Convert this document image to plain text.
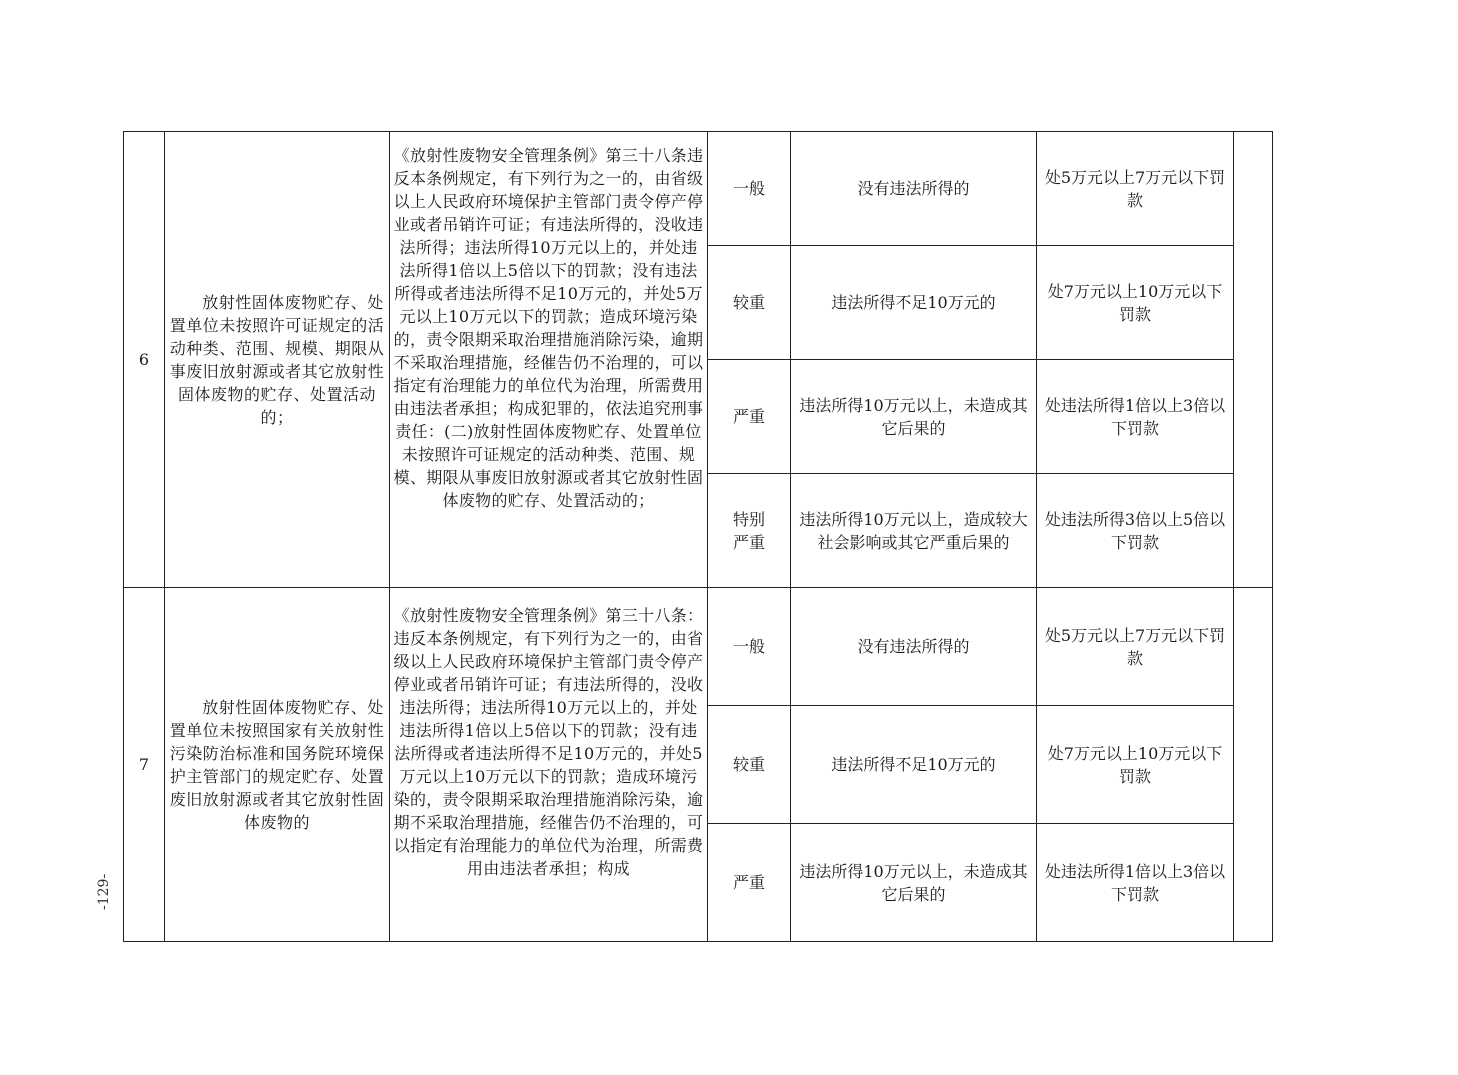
6	放射性固体废物贮存、处置单位未按照许可证规定的活动种类、范围、规模、期限从事废旧放射源或者其它放射性固体废物的贮存、处置活动的；	《放射性废物安全管理条例》第三十八条违反本条例规定，有下列行为之一的，由省级以上人民政府环境保护主管部门责令停产停业或者吊销许可证；有违法所得的，没收违法所得；违法所得10万元以上的，并处违法所得1倍以上5倍以下的罚款；没有违法所得或者违法所得不足10万元的，并处5万元以上10万元以下的罚款；造成环境污染的，责令限期采取治理措施消除污染，逾期不采取治理措施，经催告仍不治理的，可以指定有治理能力的单位代为治理，所需费用由违法者承担；构成犯罪的，依法追究刑事责任：(二)放射性固体废物贮存、处置单位未按照许可证规定的活动种类、范围、规模、期限从事废旧放射源或者其它放射性固体废物的贮存、处置活动的；	一般	没有违法所得的	处5万元以上7万元以下罚款	
			较重	违法所得不足10万元的	处7万元以上10万元以下罚款	
			严重	违法所得10万元以上，未造成其它后果的	处违法所得1倍以上3倍以下罚款	
			特别严重	违法所得10万元以上，造成较大社会影响或其它严重后果的	处违法所得3倍以上5倍以下罚款	
7	放射性固体废物贮存、处置单位未按照国家有关放射性污染防治标准和国务院环境保护主管部门的规定贮存、处置废旧放射源或者其它放射性固体废物的	《放射性废物安全管理条例》第三十八条：违反本条例规定，有下列行为之一的，由省级以上人民政府环境保护主管部门责令停产停业或者吊销许可证；有违法所得的，没收违法所得；违法所得10万元以上的，并处违法所得1倍以上5倍以下的罚款；没有违法所得或者违法所得不足10万元的，并处5万元以上10万元以下的罚款；造成环境污染的，责令限期采取治理措施消除污染，逾期不采取治理措施，经催告仍不治理的，可以指定有治理能力的单位代为治理，所需费用由违法者承担；构成	一般	没有违法所得的	处5万元以上7万元以下罚款	
			较重	违法所得不足10万元的	处7万元以上10万元以下罚款	
			严重	违法所得10万元以上，未造成其它后果的	处违法所得1倍以上3倍以下罚款	
-129-
